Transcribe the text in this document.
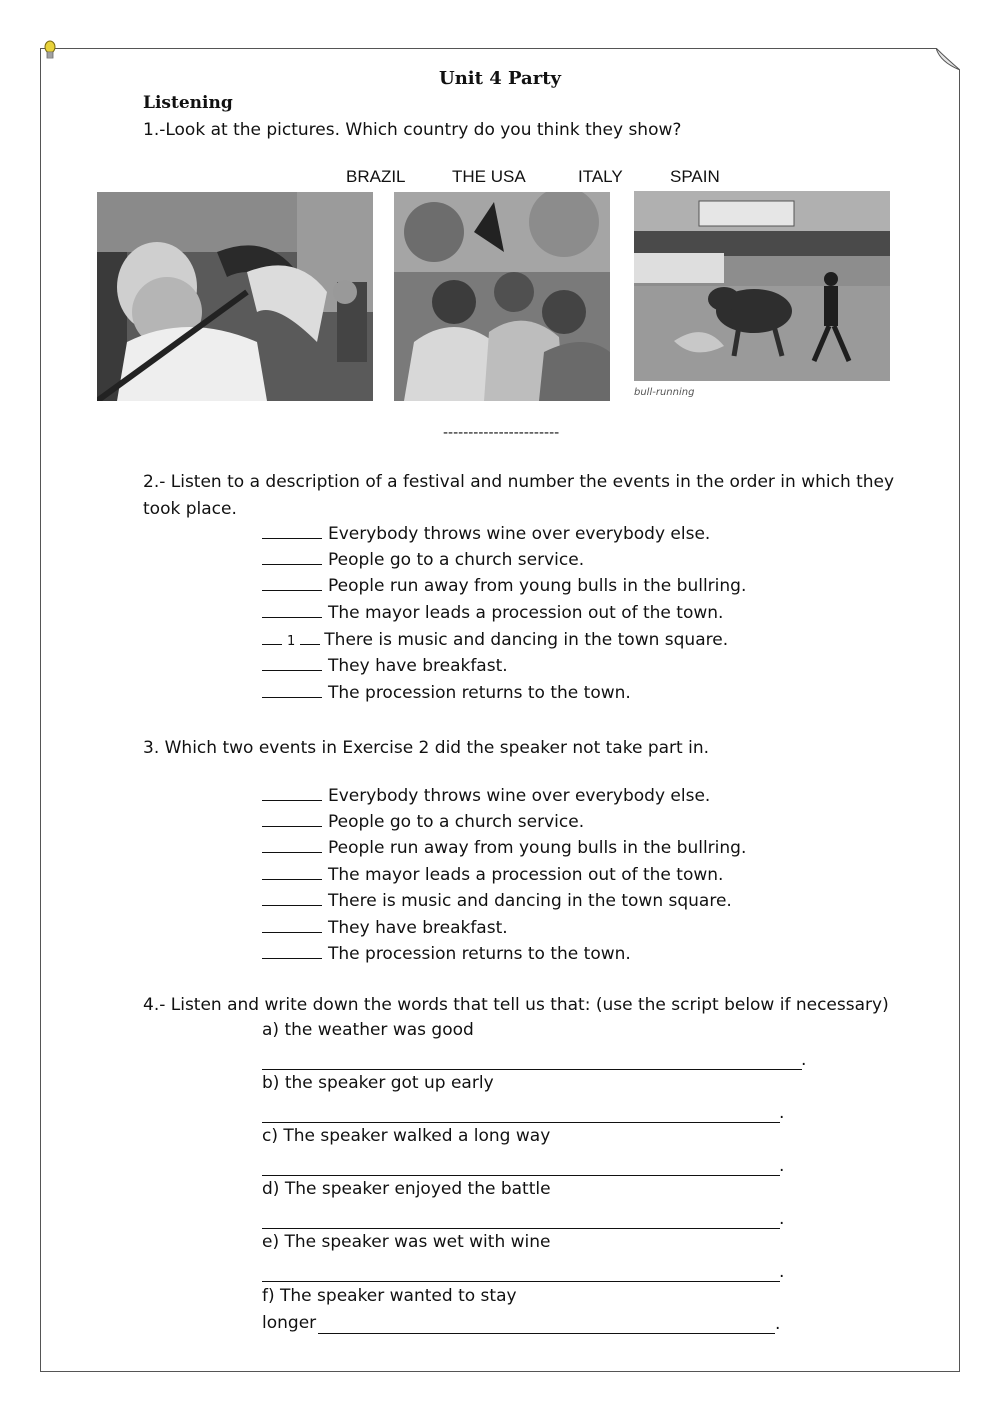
Unit 4 Party
Listening
1.-Look at the pictures. Which country do you think they show?
BRAZIL	THE USA	ITALY	SPAIN
bull-running
-----------------------
2.- Listen to a description of a festival and number the events in the order in which they took place.
Everybody throws wine over everybody else.
People go to a church service.
People run away from young bulls in the bullring.
The mayor leads a procession out of the town.
1 There is music and dancing in the town square.
They have breakfast.
The procession returns to the town.
3. Which two events in Exercise 2 did the speaker not take part in.
Everybody throws wine over everybody else.
People go to a church service.
People run away from young bulls in the bullring.
The mayor leads a procession out of the town.
There is music and dancing in the town square.
They have breakfast.
The procession returns to the town.
4.- Listen and write down the words that tell us that: (use the script below if necessary)
a) the weather was good
.
b) the speaker got up early
.
c) The speaker walked a long way
.
d) The speaker enjoyed the battle
.
e) The speaker was wet with wine
.
f) The speaker wanted to stay
longer	.
